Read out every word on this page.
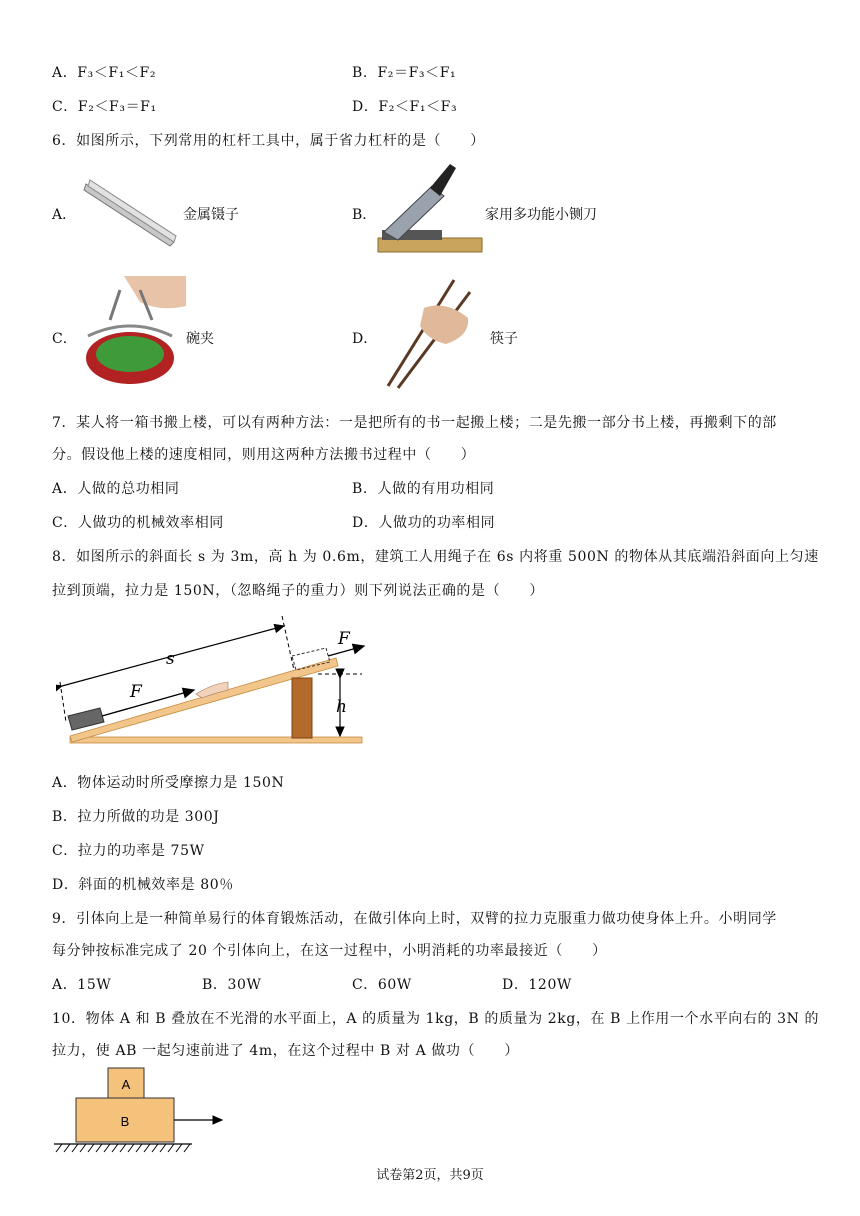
A．F₃＜F₁＜F₂	B．F₂＝F₃＜F₁
C．F₂＜F₃＝F₁	D．F₂＜F₁＜F₃
6．如图所示，下列常用的杠杆工具中，属于省力杠杆的是（　　）
A．	金属镊子	B．	家用多功能小铡刀
C．	碗夹	D．	筷子
7．某人将一箱书搬上楼，可以有两种方法：一是把所有的书一起搬上楼；二是先搬一部分书上楼，再搬剩下的部
分。假设他上楼的速度相同，则用这两种方法搬书过程中（　　）
A．人做的总功相同	B．人做的有用功相同
C．人做功的机械效率相同	D．人做功的功率相同
8．如图所示的斜面长 s 为 3m，高 h 为 0.6m，建筑工人用绳子在 6s 内将重 500N 的物体从其底端沿斜面向上匀速
拉到顶端，拉力是 150N，（忽略绳子的重力）则下列说法正确的是（　　）
s
F
F
h
A．物体运动时所受摩擦力是 150N
B．拉力所做的功是 300J
C．拉力的功率是 75W
D．斜面的机械效率是 80％
9．引体向上是一种简单易行的体育锻炼活动，在做引体向上时，双臂的拉力克服重力做功使身体上升。小明同学
每分钟按标准完成了 20 个引体向上，在这一过程中，小明消耗的功率最接近（　　）
A．15W	B．30W	C．60W	D．120W
10．物体 A 和 B 叠放在不光滑的水平面上，A 的质量为 1kg，B 的质量为 2kg，在 B 上作用一个水平向右的 3N 的
拉力，使 AB 一起匀速前进了 4m，在这个过程中 B 对 A 做功（　　）
A
B
试卷第2页，共9页
